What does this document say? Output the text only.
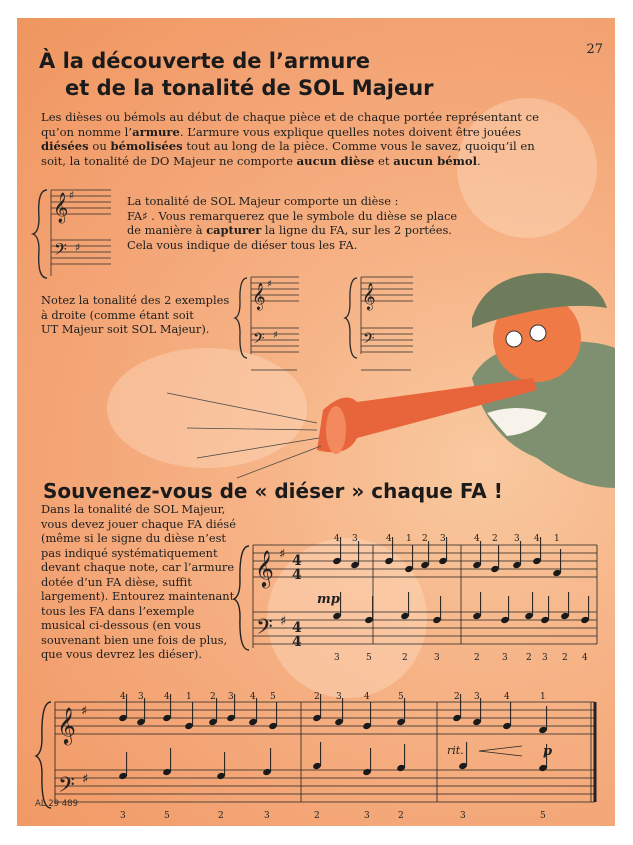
27
À la découverte de l’armure
et de la tonalité de SOL Majeur
Les dièses ou bémols au début de chaque pièce et de chaque portée représentant ce qu’on nomme l’armure. L’armure vous explique quelles notes doivent être jouées diésées ou bémolisées tout au long de la pièce. Comme vous le savez, quoiqu’il en soit, la tonalité de DO Majeur ne comporte aucun dièse et aucun bémol.
𝄞 ♯
𝄢 ♯
𝄞 ♯
𝄢 ♯
𝄞
𝄢
𝄞 ♯ 4
4
𝄢 ♯ 4
4
mp
4 3	4 1 2 3	4 2 3 4 1
3	5	2	3	2 3 2 3 2 4
𝄞 ♯
𝄢 ♯
rit.	p
4 3 4 1 2 3 4 5	2 3 4	5	2 3	4	1
3	5	2	3	2	3	2	3	5
La tonalité de SOL Majeur comporte un dièse :
FA♯ . Vous remarquerez que le symbole du dièse se place
de manière à capturer la ligne du FA, sur les 2 portées.
Cela vous indique de diéser tous les FA.
Notez la tonalité des 2 exemples
à droite (comme étant soit
UT Majeur soit SOL Majeur).
Souvenez-vous de « diéser » chaque FA !
Dans la tonalité de SOL Majeur,
vous devez jouer chaque FA diésé
(même si le signe du dièse n’est
pas indiqué systématiquement
devant chaque note, car l’armure
dotée d’un FA dièse, suffit
largement). Entourez maintenant
tous les FA dans l’exemple
musical ci-dessous (en vous
souvenant bien une fois de plus,
que vous devrez les diéser).
AL 29 489
